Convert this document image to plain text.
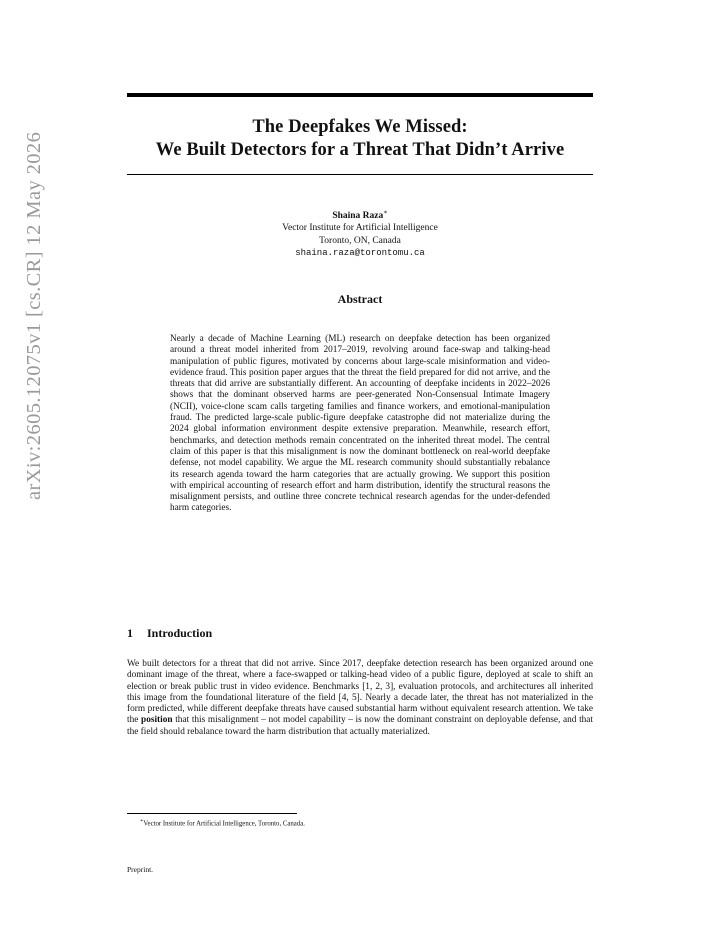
arXiv:2605.12075v1 [cs.CR] 12 May 2026
The Deepfakes We Missed:
We Built Detectors for a Threat That Didn’t Arrive
Shaina Raza∗
Vector Institute for Artificial Intelligence
Toronto, ON, Canada
shaina.raza@torontomu.ca
Abstract
Nearly a decade of Machine Learning (ML) research on deepfake detection has been organized around a threat model inherited from 2017–2019, revolving around face-swap and talking-head manipulation of public figures, motivated by concerns about large-scale misinformation and video-evidence fraud. This position paper argues that the threat the field prepared for did not arrive, and the threats that did arrive are substantially different. An accounting of deepfake incidents in 2022–2026 shows that the dominant observed harms are peer-generated Non-Consensual Intimate Imagery (NCII), voice-clone scam calls targeting families and finance workers, and emotional-manipulation fraud. The predicted large-scale public-figure deepfake catastrophe did not materialize during the 2024 global information environment despite extensive preparation. Meanwhile, research effort, benchmarks, and detection methods remain concentrated on the inherited threat model. The central claim of this paper is that this misalignment is now the dominant bottleneck on real-world deepfake defense, not model capability. We argue the ML research community should substantially rebalance its research agenda toward the harm categories that are actually growing. We support this position with empirical accounting of research effort and harm distribution, identify the structural reasons the misalignment persists, and outline three concrete technical research agendas for the under-defended harm categories.
1 Introduction
We built detectors for a threat that did not arrive. Since 2017, deepfake detection research has been organized around one dominant image of the threat, where a face-swapped or talking-head video of a public figure, deployed at scale to shift an election or break public trust in video evidence. Benchmarks [1, 2, 3], evaluation protocols, and architectures all inherited this image from the foundational literature of the field [4, 5]. Nearly a decade later, the threat has not materialized in the form predicted, while different deepfake threats have caused substantial harm without equivalent research attention. We take the position that this misalignment – not model capability – is now the dominant constraint on deployable defense, and that the field should rebalance toward the harm distribution that actually materialized.
∗Vector Institute for Artificial Intelligence, Toronto, Canada.
Preprint.
